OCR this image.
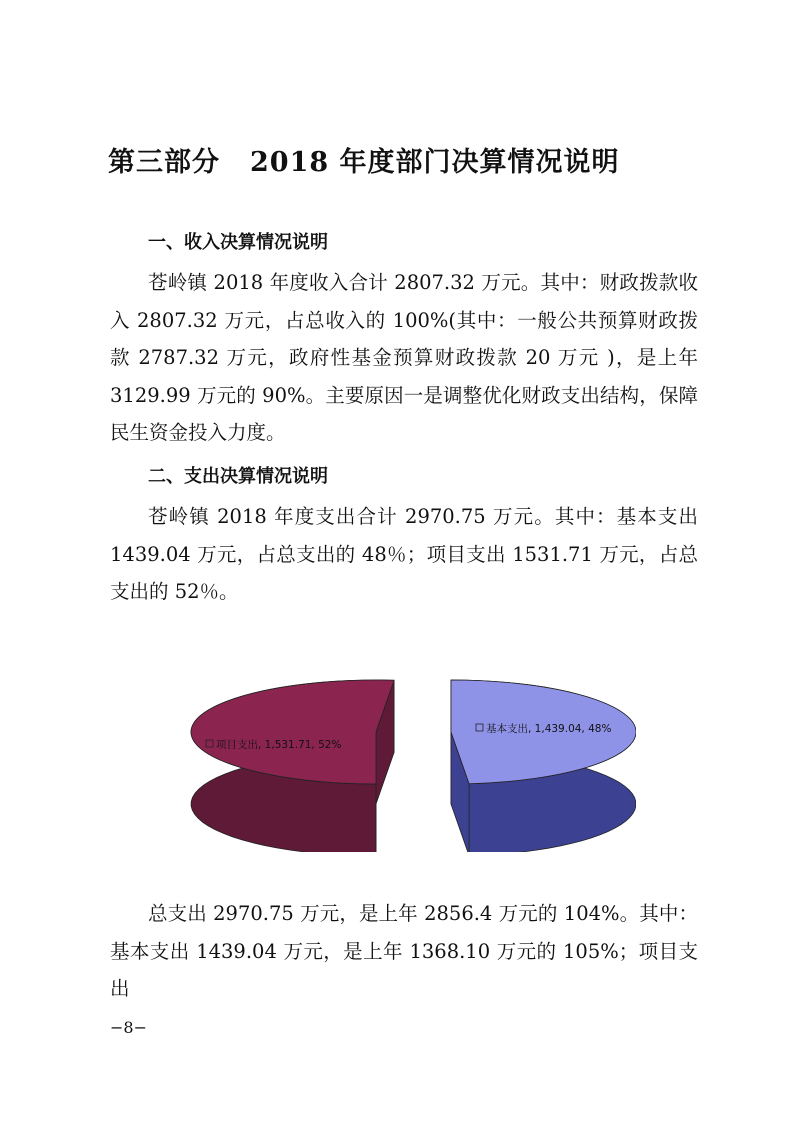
第三部分 2018 年度部门决算情况说明
一、收入决算情况说明

苍岭镇 2018 年度收入合计 2807.32 万元。其中：财政拨款收入 2807.32 万元，占总收入的 100%(其中：一般公共预算财政拨款 2787.32 万元，政府性基金预算财政拨款 20 万元 )，是上年 3129.99 万元的 90%。主要原因一是调整优化财政支出结构，保障民生资金投入力度。

二、支出决算情况说明

苍岭镇 2018 年度支出合计 2970.75 万元。其中：基本支出 1439.04 万元，占总支出的 48％；项目支出 1531.71 万元，占总支出的 52％。

项目支出, 1,531.71, 52%
基本支出, 1,439.04, 48%

总支出 2970.75 万元，是上年 2856.4 万元的 104%。其中：基本支出 1439.04 万元，是上年 1368.10 万元的 105%；项目支出

−8−
